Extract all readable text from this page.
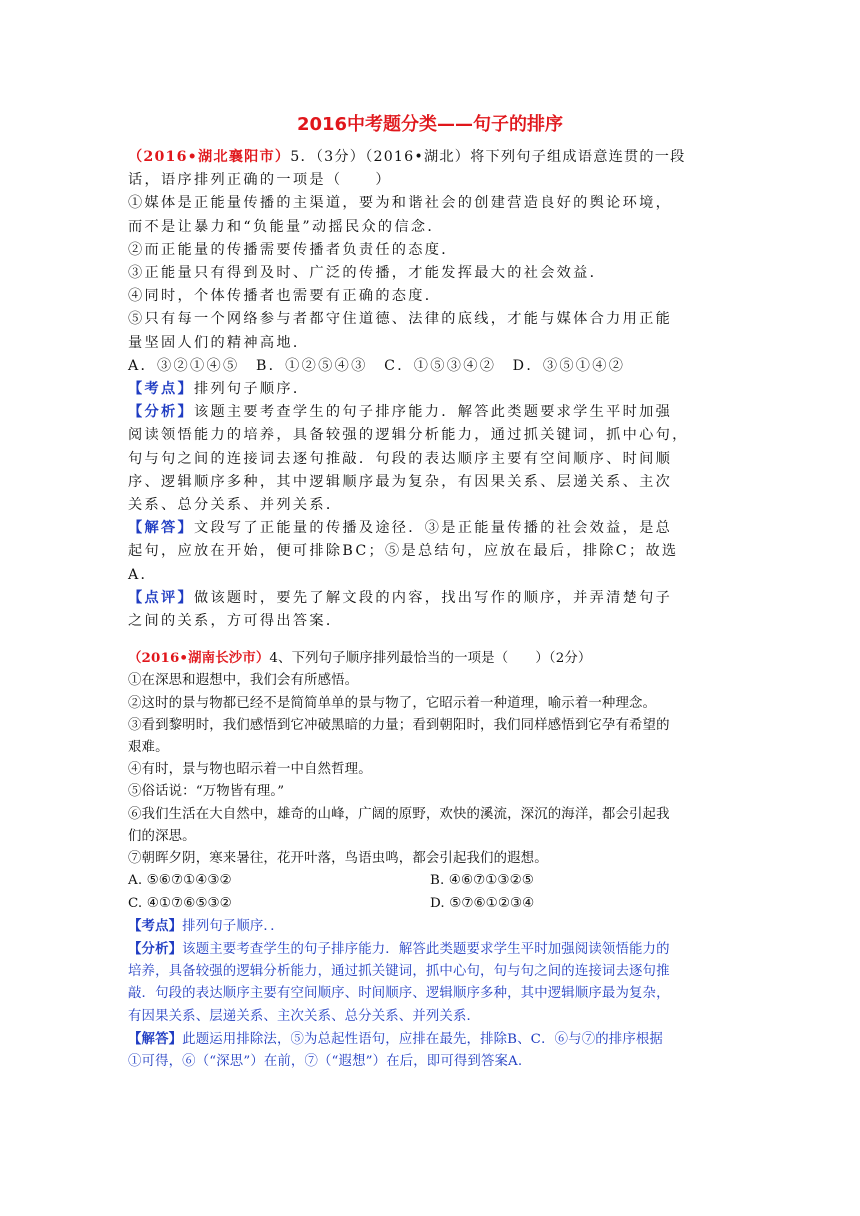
2016中考题分类——句子的排序

（2016•湖北襄阳市）5．（3分）（2016•湖北）将下列句子组成语意连贯的一段

话，语序排列正确的一项是（　　）

①媒体是正能量传播的主渠道，要为和谐社会的创建营造良好的舆论环境，

而不是让暴力和“负能量”动摇民众的信念．

②而正能量的传播需要传播者负责任的态度．

③正能量只有得到及时、广泛的传播，才能发挥最大的社会效益．

④同时，个体传播者也需要有正确的态度．

⑤只有每一个网络参与者都守住道德、法律的底线，才能与媒体合力用正能

量坚固人们的精神高地．

A．③②①④⑤　B．①②⑤④③　C．①⑤③④②　D．③⑤①④②

【考点】排列句子顺序．

【分析】该题主要考查学生的句子排序能力．解答此类题要求学生平时加强

阅读领悟能力的培养，具备较强的逻辑分析能力，通过抓关键词，抓中心句，

句与句之间的连接词去逐句推敲．句段的表达顺序主要有空间顺序、时间顺

序、逻辑顺序多种，其中逻辑顺序最为复杂，有因果关系、层递关系、主次

关系、总分关系、并列关系．

【解答】文段写了正能量的传播及途径．③是正能量传播的社会效益，是总

起句，应放在开始，便可排除BC；⑤是总结句，应放在最后，排除C；故选

A．

【点评】做该题时，要先了解文段的内容，找出写作的顺序，并弄清楚句子

之间的关系，方可得出答案．

（2016•湖南长沙市）4、下列句子顺序排列最恰当的一项是（　　）（2分）

①在深思和遐想中，我们会有所感悟。

②这时的景与物都已经不是简简单单的景与物了，它昭示着一种道理，喻示着一种理念。

③看到黎明时，我们感悟到它冲破黑暗的力量；看到朝阳时，我们同样感悟到它孕有希望的

艰难。

④有时，景与物也昭示着一中自然哲理。

⑤俗话说：“万物皆有理。”

⑥我们生活在大自然中，雄奇的山峰，广阔的原野，欢快的溪流，深沉的海洋，都会引起我

们的深思。

⑦朝晖夕阴，寒来暑往，花开叶落，鸟语虫鸣，都会引起我们的遐想。

A. ⑤⑥⑦①④③②	B. ④⑥⑦①③②⑤

C. ④①⑦⑥⑤③②	D. ⑤⑦⑥①②③④

【考点】排列句子顺序．．

【分析】该题主要考查学生的句子排序能力．解答此类题要求学生平时加强阅读领悟能力的

培养，具备较强的逻辑分析能力，通过抓关键词，抓中心句，句与句之间的连接词去逐句推

敲．句段的表达顺序主要有空间顺序、时间顺序、逻辑顺序多种，其中逻辑顺序最为复杂，

有因果关系、层递关系、主次关系、总分关系、并列关系．

【解答】此题运用排除法，⑤为总起性语句，应排在最先，排除B、C．⑥与⑦的排序根据

①可得，⑥（“深思”）在前，⑦（“遐想”）在后，即可得到答案A.
